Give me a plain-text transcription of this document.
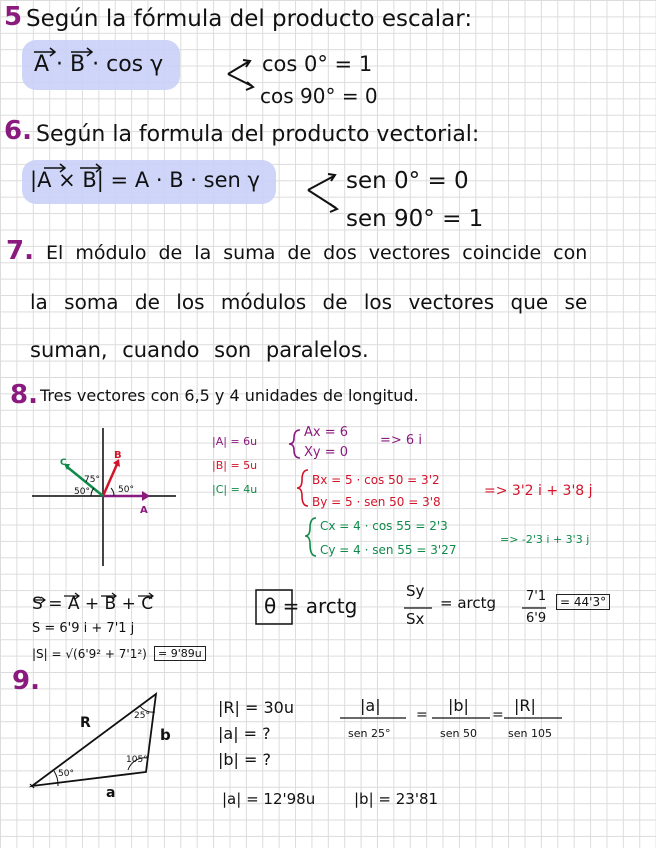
5 Según la fórmula del producto escalar:
A · B · cos γ	cos 0° = 1
cos 90° = 0
6. Según la formula del producto vectorial:
|A × B| = A · B · sen γ	sen 0° = 0
sen 90° = 1
7. El módulo de la suma de dos vectores coincide con
la soma de los módulos de los vectores que se
suman, cuando son paralelos.
8. Tres vectores con 6,5 y 4 unidades de longitud.
75°
50°	50°
A
B
C
|A| = 6u
|B| = 5u
|C| = 4u
Ax = 6
Xy = 0
=> 6 i
Bx = 5 · cos 50 = 3'2
By = 5 · sen 50 = 3'8
=> 3'2 i + 3'8 j
Cx = 4 · cos 55 = 2'3
Cy = 4 · sen 55 = 3'27
=> -2'3 i + 3'3 j
S = A + B + C
S = 6'9 i + 7'1 j
|S| = √(6'9² + 7'1²)	= 9'89u
θ = arctg
Sy
Sx
= arctg 7'1
6'9
= 44'3°
9.
R
b
a
25°
50°
105°
|R| = 30u
|a| = ?
|b| = ?
|a|
sen 25°
= |b|
sen 50
= |R|
sen 105
|a| = 12'98u	|b| = 23'81
